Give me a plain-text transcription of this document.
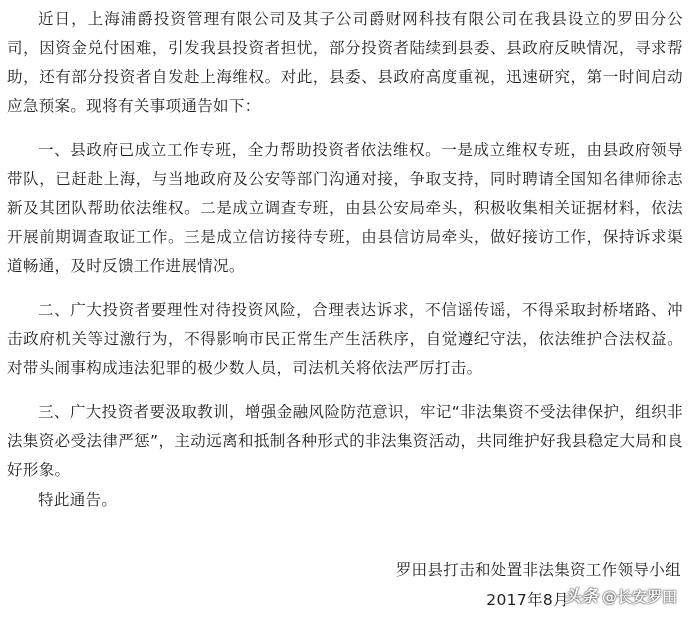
近日，上海浦爵投资管理有限公司及其子公司爵财网科技有限公司在我县设立的罗田分公司，因资金兑付困难，引发我县投资者担忧，部分投资者陆续到县委、县政府反映情况，寻求帮助，还有部分投资者自发赴上海维权。对此，县委、县政府高度重视，迅速研究，第一时间启动应急预案。现将有关事项通告如下：

一、县政府已成立工作专班，全力帮助投资者依法维权。一是成立维权专班，由县政府领导带队，已赶赴上海，与当地政府及公安等部门沟通对接，争取支持，同时聘请全国知名律师徐志新及其团队帮助依法维权。二是成立调查专班，由县公安局牵头，积极收集相关证据材料，依法开展前期调查取证工作。三是成立信访接待专班，由县信访局牵头，做好接访工作，保持诉求渠道畅通，及时反馈工作进展情况。

二、广大投资者要理性对待投资风险，合理表达诉求，不信谣传谣，不得采取封桥堵路、冲击政府机关等过激行为，不得影响市民正常生产生活秩序，自觉遵纪守法，依法维护合法权益。对带头闹事构成违法犯罪的极少数人员，司法机关将依法严厉打击。

三、广大投资者要汲取教训，增强金融风险防范意识，牢记“非法集资不受法律保护，组织非法集资必受法律严惩”，主动远离和抵制各种形式的非法集资活动，共同维护好我县稳定大局和良好形象。

特此通告。

罗田县打击和处置非法集资工作领导小组
2017年8月
头条 @长安罗田
